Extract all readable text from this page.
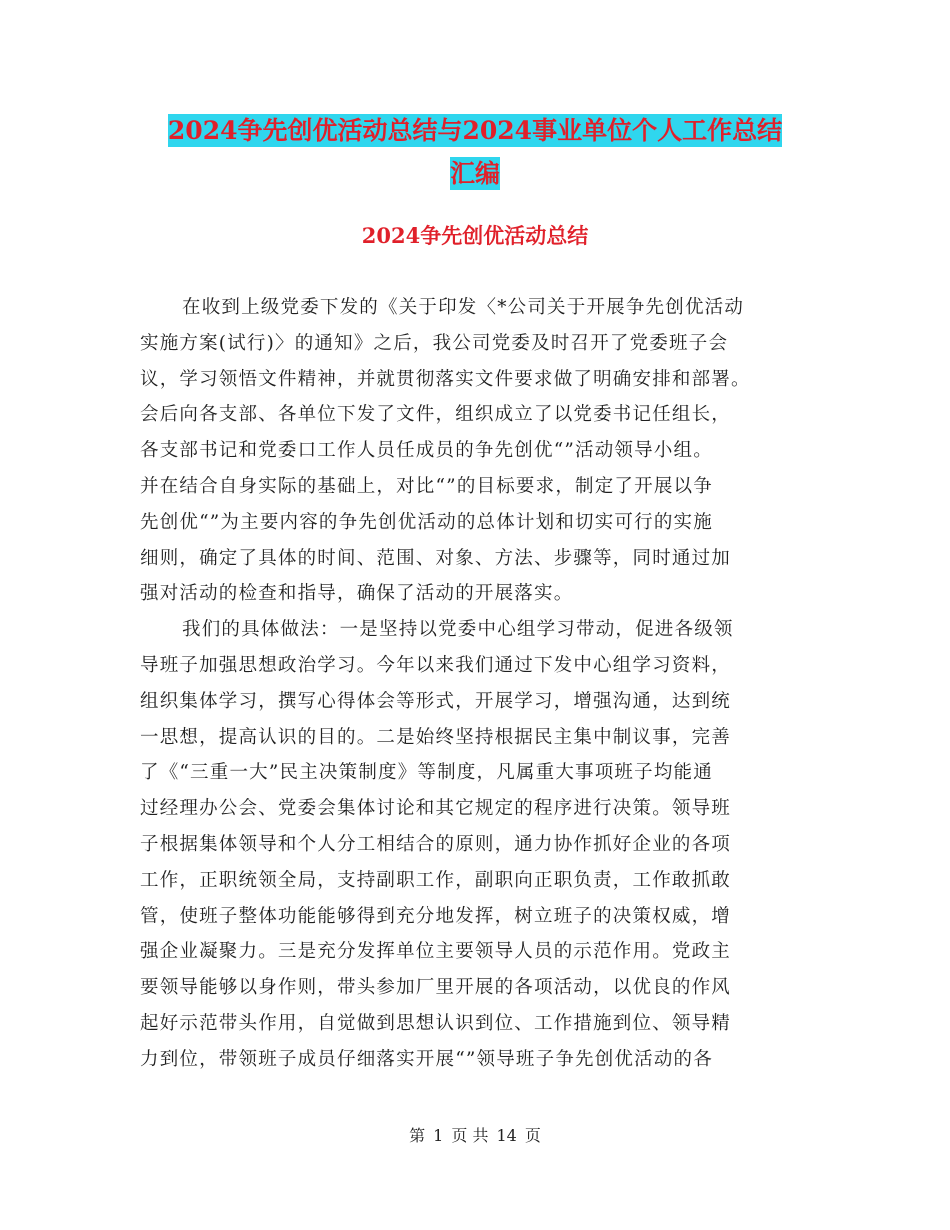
2024争先创优活动总结与2024事业单位个人工作总结
汇编
2024争先创优活动总结
在收到上级党委下发的《关于印发〈*公司关于开展争先创优活动
实施方案(试行)〉的通知》之后，我公司党委及时召开了党委班子会
议，学习领悟文件精神，并就贯彻落实文件要求做了明确安排和部署。
会后向各支部、各单位下发了文件，组织成立了以党委书记任组长，
各支部书记和党委口工作人员任成员的争先创优“”活动领导小组。
并在结合自身实际的基础上，对比“”的目标要求，制定了开展以争
先创优“”为主要内容的争先创优活动的总体计划和切实可行的实施
细则，确定了具体的时间、范围、对象、方法、步骤等，同时通过加
强对活动的检查和指导，确保了活动的开展落实。
我们的具体做法：一是坚持以党委中心组学习带动，促进各级领
导班子加强思想政治学习。今年以来我们通过下发中心组学习资料，
组织集体学习，撰写心得体会等形式，开展学习，增强沟通，达到统
一思想，提高认识的目的。二是始终坚持根据民主集中制议事，完善
了《“三重一大”民主决策制度》等制度，凡属重大事项班子均能通
过经理办公会、党委会集体讨论和其它规定的程序进行决策。领导班
子根据集体领导和个人分工相结合的原则，通力协作抓好企业的各项
工作，正职统领全局，支持副职工作，副职向正职负责，工作敢抓敢
管，使班子整体功能能够得到充分地发挥，树立班子的决策权威，增
强企业凝聚力。三是充分发挥单位主要领导人员的示范作用。党政主
要领导能够以身作则，带头参加厂里开展的各项活动，以优良的作风
起好示范带头作用，自觉做到思想认识到位、工作措施到位、领导精
力到位，带领班子成员仔细落实开展“”领导班子争先创优活动的各
第 1 页 共 14 页
